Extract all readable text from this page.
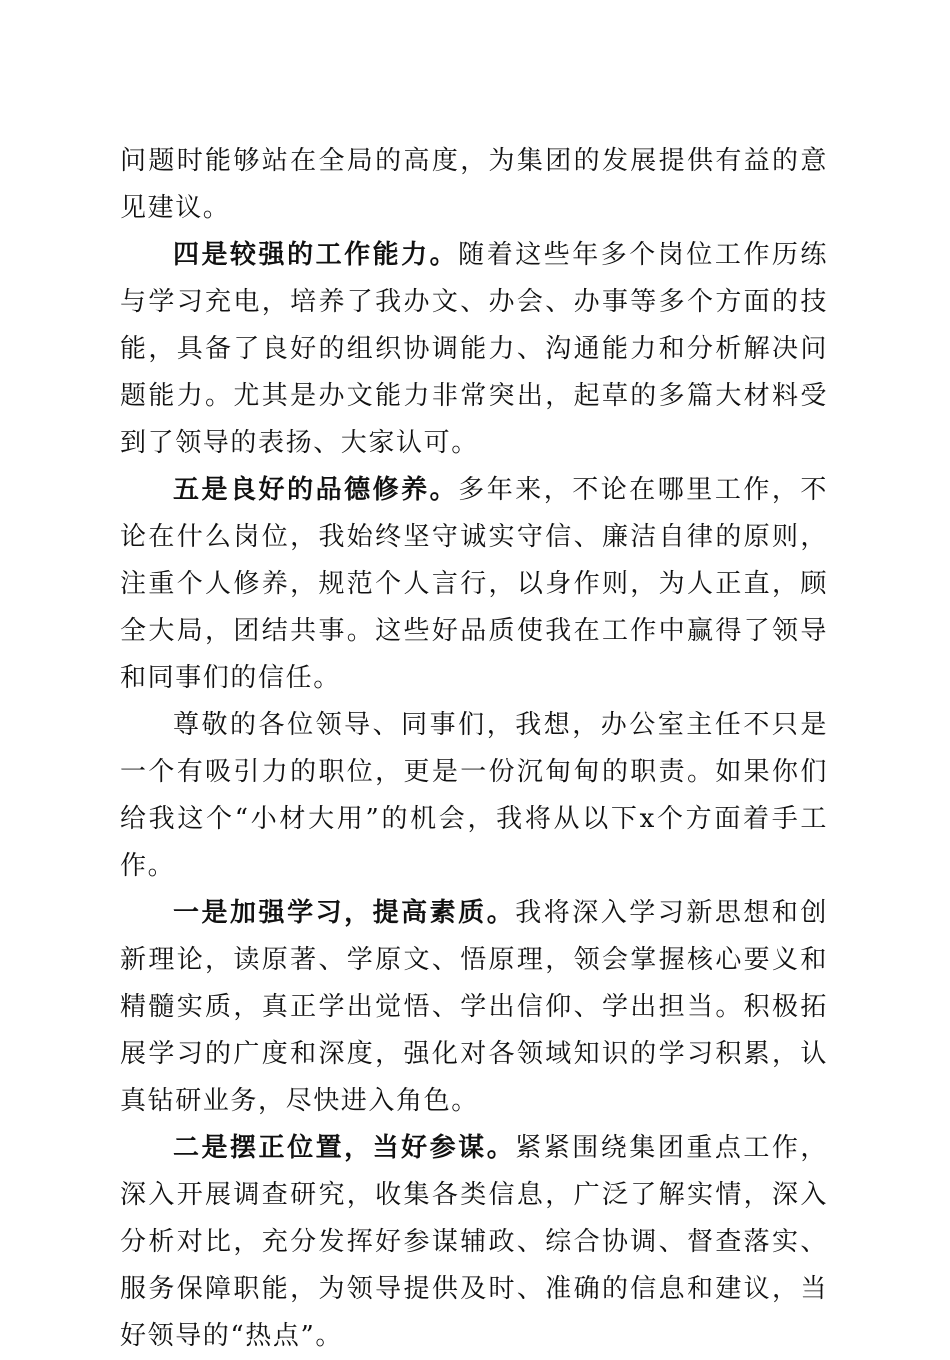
问题时能够站在全局的高度，为集团的发展提供有益的意见建议。

四是较强的工作能力。随着这些年多个岗位工作历练与学习充电，培养了我办文、办会、办事等多个方面的技能，具备了良好的组织协调能力、沟通能力和分析解决问题能力。尤其是办文能力非常突出，起草的多篇大材料受到了领导的表扬、大家认可。

五是良好的品德修养。多年来，不论在哪里工作，不论在什么岗位，我始终坚守诚实守信、廉洁自律的原则，注重个人修养，规范个人言行，以身作则，为人正直，顾全大局，团结共事。这些好品质使我在工作中赢得了领导和同事们的信任。

尊敬的各位领导、同事们，我想，办公室主任不只是一个有吸引力的职位，更是一份沉甸甸的职责。如果你们给我这个“小材大用”的机会，我将从以下x个方面着手工作。

一是加强学习，提高素质。我将深入学习新思想和创新理论，读原著、学原文、悟原理，领会掌握核心要义和精髓实质，真正学出觉悟、学出信仰、学出担当。积极拓展学习的广度和深度，强化对各领域知识的学习积累，认真钻研业务，尽快进入角色。

二是摆正位置，当好参谋。紧紧围绕集团重点工作，深入开展调查研究，收集各类信息，广泛了解实情，深入分析对比，充分发挥好参谋辅政、综合协调、督查落实、服务保障职能，为领导提供及时、准确的信息和建议，当好领导的“热点”。
